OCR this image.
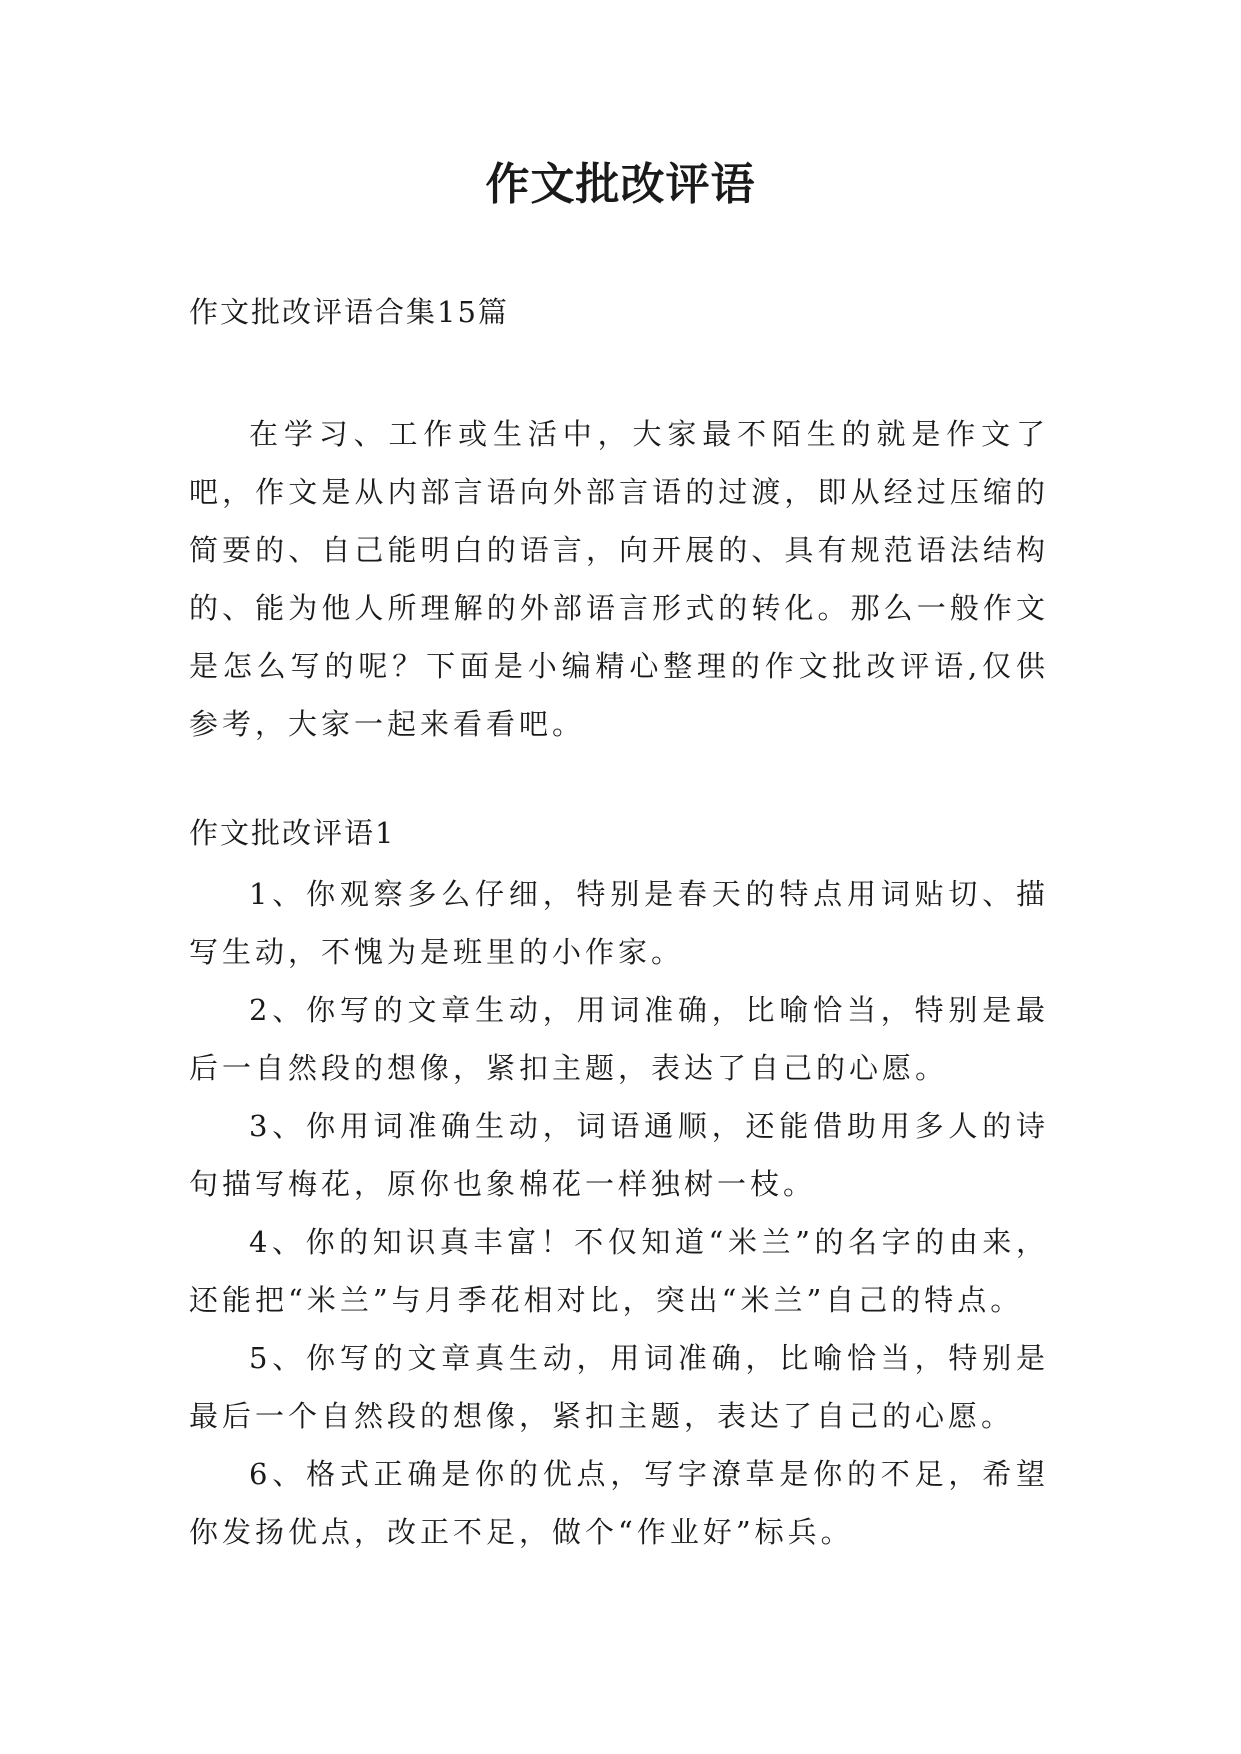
作文批改评语
作文批改评语合集15篇

在学习、工作或生活中，大家最不陌生的就是作文了吧，作文是从内部言语向外部言语的过渡，即从经过压缩的简要的、自己能明白的语言，向开展的、具有规范语法结构的、能为他人所理解的外部语言形式的转化。那么一般作文是怎么写的呢？下面是小编精心整理的作文批改评语,仅供参考，大家一起来看看吧。

作文批改评语1

1、你观察多么仔细，特别是春天的特点用词贴切、描写生动，不愧为是班里的小作家。

2、你写的文章生动，用词准确，比喻恰当，特别是最后一自然段的想像，紧扣主题，表达了自己的心愿。

3、你用词准确生动，词语通顺，还能借助用多人的诗句描写梅花，原你也象棉花一样独树一枝。

4、你的知识真丰富！不仅知道“米兰”的名字的由来，还能把“米兰”与月季花相对比，突出“米兰”自己的特点。

5、你写的文章真生动，用词准确，比喻恰当，特别是最后一个自然段的想像，紧扣主题，表达了自己的心愿。

6、格式正确是你的优点，写字潦草是你的不足，希望你发扬优点，改正不足，做个“作业好”标兵。
